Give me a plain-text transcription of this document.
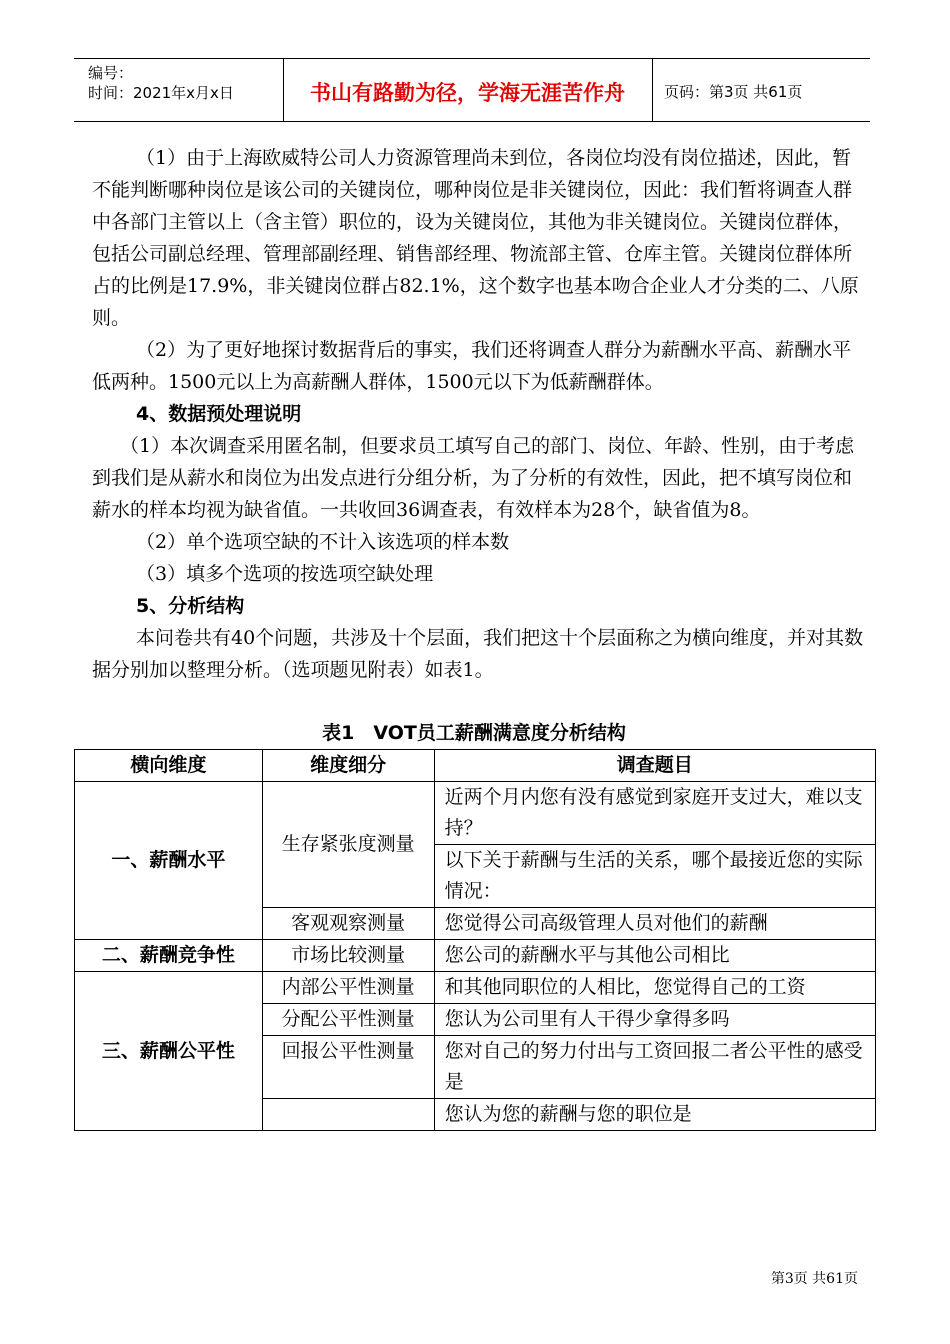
编号：
时间：2021年x月x日	书山有路勤为径，学海无涯苦作舟	页码：第3页 共61页

（1）由于上海欧威特公司人力资源管理尚未到位，各岗位均没有岗位描述，因此，暂不能判断哪种岗位是该公司的关键岗位，哪种岗位是非关键岗位，因此：我们暂将调查人群中各部门主管以上（含主管）职位的，设为关键岗位，其他为非关键岗位。关键岗位群体，包括公司副总经理、管理部副经理、销售部经理、物流部主管、仓库主管。关键岗位群体所占的比例是17.9%，非关键岗位群占82.1%，这个数字也基本吻合企业人才分类的二、八原则。

（2）为了更好地探讨数据背后的事实，我们还将调查人群分为薪酬水平高、薪酬水平低两种。1500元以上为高薪酬人群体，1500元以下为低薪酬群体。

4、数据预处理说明

（1）本次调查采用匿名制，但要求员工填写自己的部门、岗位、年龄、性别，由于考虑到我们是从薪水和岗位为出发点进行分组分析，为了分析的有效性，因此，把不填写岗位和薪水的样本均视为缺省值。一共收回36调查表，有效样本为28个，缺省值为8。

（2）单个选项空缺的不计入该选项的样本数

（3）填多个选项的按选项空缺处理

5、分析结构

本问卷共有40个问题，共涉及十个层面，我们把这十个层面称之为横向维度，并对其数据分别加以整理分析。（选项题见附表）如表1。

表1　VOT员工薪酬满意度分析结构
横向维度	维度细分	调查题目
一、薪酬水平	生存紧张度测量	近两个月内您有没有感觉到家庭开支过大，难以支持？
		以下关于薪酬与生活的关系，哪个最接近您的实际情况：
	客观观察测量	您觉得公司高级管理人员对他们的薪酬
二、薪酬竞争性	市场比较测量	您公司的薪酬水平与其他公司相比
三、薪酬公平性	内部公平性测量	和其他同职位的人相比，您觉得自己的工资
	分配公平性测量	您认为公司里有人干得少拿得多吗
	回报公平性测量	您对自己的努力付出与工资回报二者公平性的感受是
		您认为您的薪酬与您的职位是
第3页 共61页
